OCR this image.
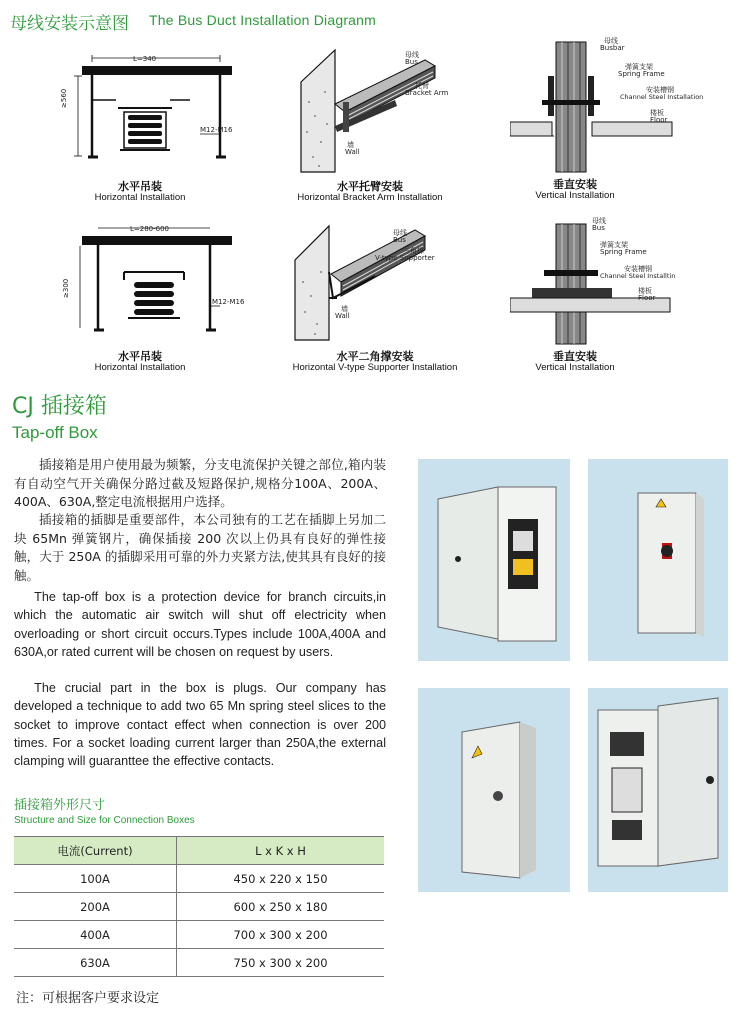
母线安装示意图 The Bus Duct Installation Diagranm
L=340
≥560
M12-M16
水平吊装
Horizontal Installation
母线
Bus
托臂
Bracket Arm
墙
Wall
水平托臂安装
Horizontal Bracket Arm Installation
母线
Busbar
弹簧支架
Spring Frame
安装槽钢
Channel Steel Installation
楼板
Floor
垂直安装
Vertical Installation
L=280-600
≥300
M12-M16
水平吊装
Horizontal Installation
母线
Bus
三角撑
V-type Supporter
墙
Wall
水平二角撑安装
Horizontal V-type Supporter Installation
母线
Bus
弹簧支架
Spring Frame
安装槽钢
Channel Steel Installtin
楼板
Floor
垂直安装
Vertical Installation
CJ 插接箱
Tap-off Box
插接箱是用户使用最为频繁，分支电流保护关键之部位,箱内装有自动空气开关确保分路过截及短路保护,规格分100A、200A、400A、630A,整定电流根据用户选择。
插接箱的插脚是重要部件，本公司独有的工艺在插脚上另加二块 65Mn 弹簧钢片，确保插接 200 次以上仍具有良好的弹性接触，大于 250A 的插脚采用可靠的外力夹紧方法,使其具有良好的接触。
The tap-off box is a protection device for branch circuits,in which the automatic air switch will shut off electricity when overloading or short circuit occurs.Types include 100A,400A and 630A,or rated current will be chosen on request by users.
The crucial part in the box is plugs. Our company has developed a technique to add two 65 Mn spring steel slices to the socket to improve contact effect when connection is over 200 times. For a socket loading current larger than 250A,the external clamping will guaranttee the effective contacts.
插接箱外形尺寸
Structure and Size for Connection Boxes
电流(Current)	L x K x H
100A	450 x 220 x 150
200A	600 x 250 x 180
400A	700 x 300 x 200
630A	750 x 300 x 200
注：可根据客户要求设定
